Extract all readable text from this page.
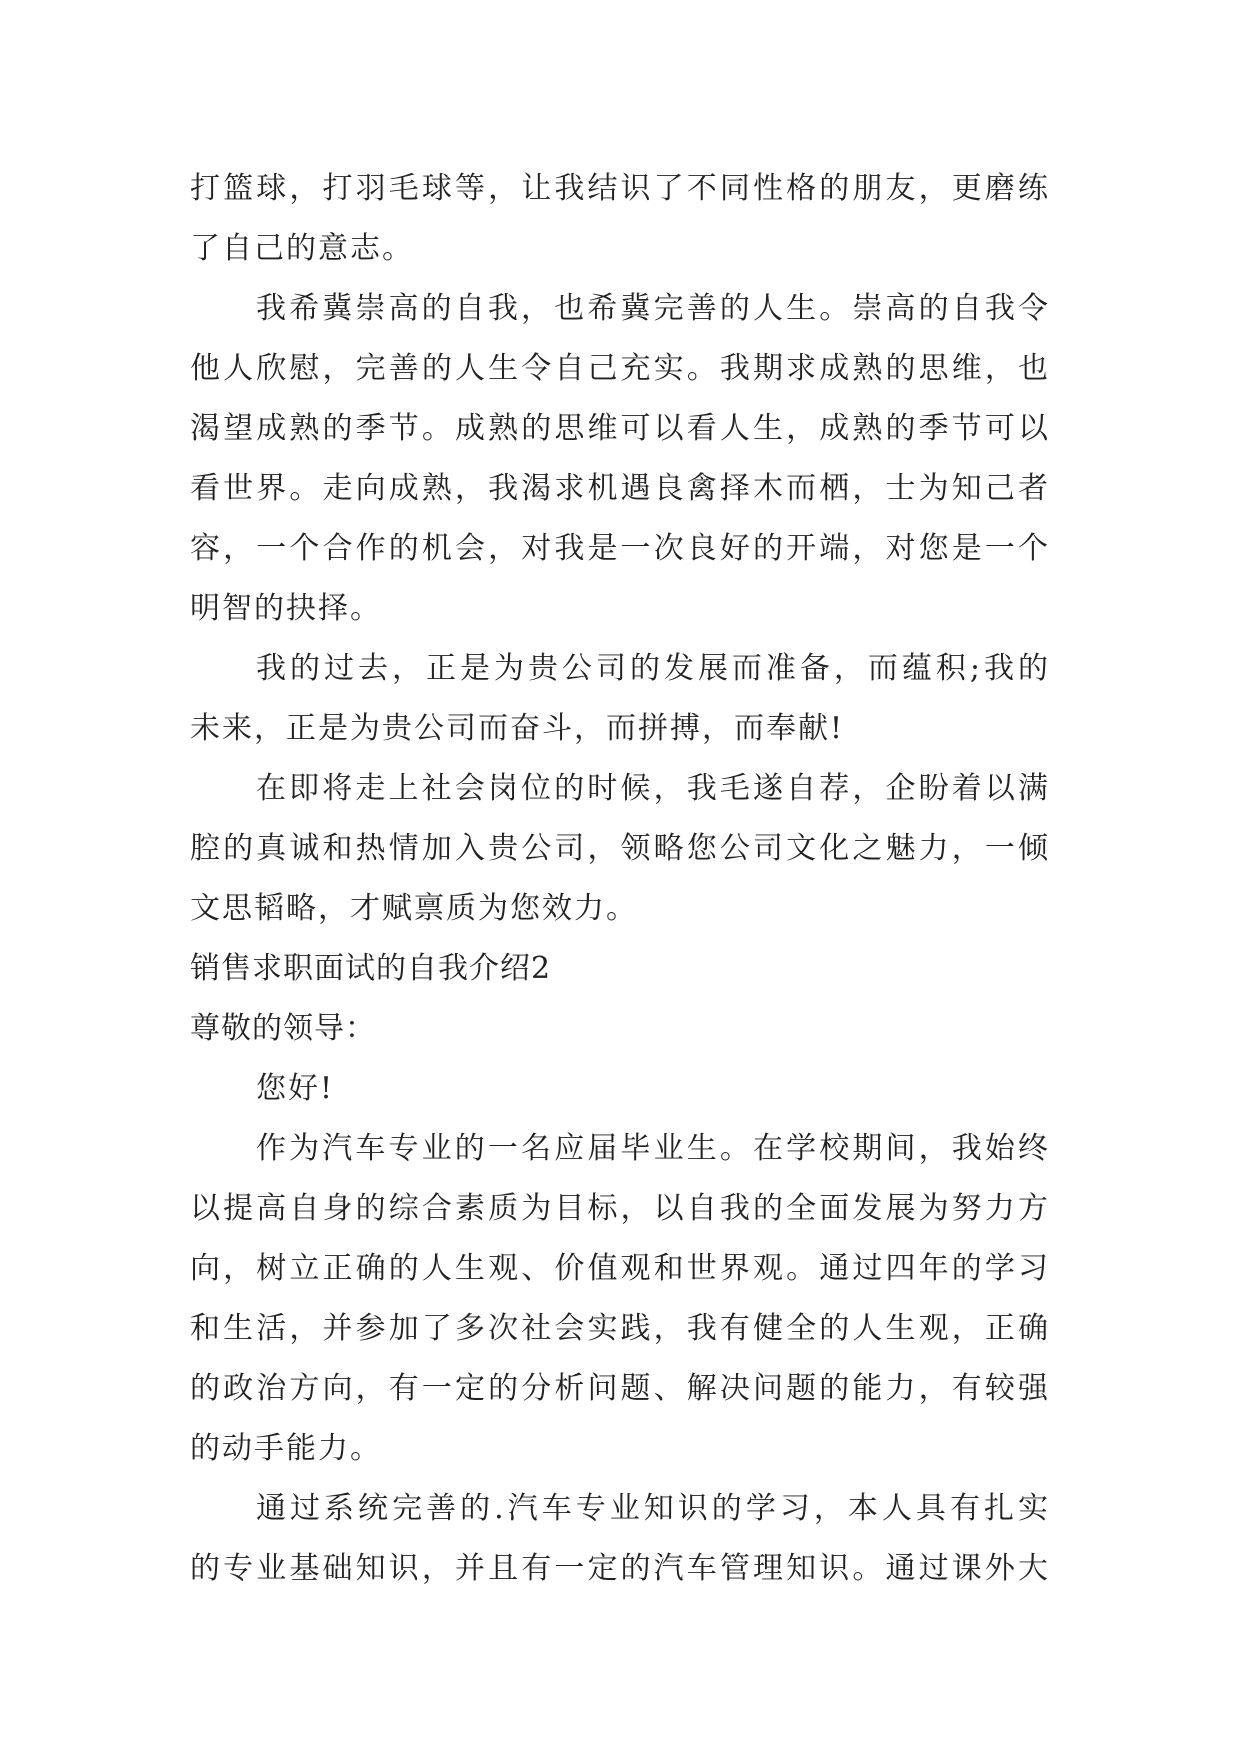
打篮球，打羽毛球等，让我结识了不同性格的朋友，更磨练
了自己的意志。
我希冀崇高的自我，也希冀完善的人生。崇高的自我令
他人欣慰，完善的人生令自己充实。我期求成熟的思维，也
渴望成熟的季节。成熟的思维可以看人生，成熟的季节可以
看世界。走向成熟，我渴求机遇良禽择木而栖，士为知己者
容，一个合作的机会，对我是一次良好的开端，对您是一个
明智的抉择。
我的过去，正是为贵公司的发展而准备，而蕴积;我的
未来，正是为贵公司而奋斗，而拼搏，而奉献!
在即将走上社会岗位的时候，我毛遂自荐，企盼着以满
腔的真诚和热情加入贵公司，领略您公司文化之魅力，一倾
文思韬略，才赋禀质为您效力。
销售求职面试的自我介绍2
尊敬的领导：
您好!
作为汽车专业的一名应届毕业生。在学校期间，我始终
以提高自身的综合素质为目标，以自我的全面发展为努力方
向，树立正确的人生观、价值观和世界观。通过四年的学习
和生活，并参加了多次社会实践，我有健全的人生观，正确
的政治方向，有一定的分析问题、解决问题的能力，有较强
的动手能力。
通过系统完善的.汽车专业知识的学习，本人具有扎实
的专业基础知识，并且有一定的汽车管理知识。通过课外大
